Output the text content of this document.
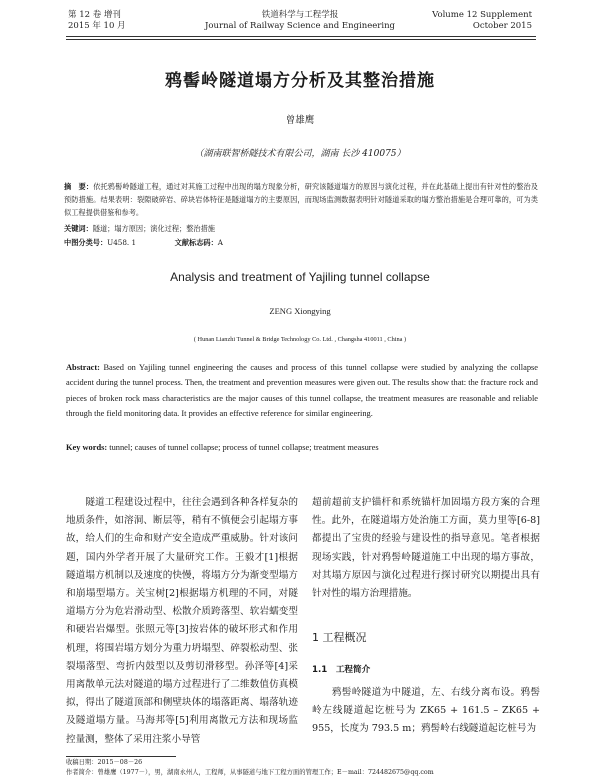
第 12 卷 增刊
2015 年 10 月
铁道科学与工程学报
Journal of Railway Science and Engineering
Volume 12 Supplement
October 2015
鸦髻岭隧道塌方分析及其整治措施
曾雄鹰
（湖南联智桥隧技术有限公司，湖南 长沙 410075）
摘　要：依托鸦髻岭隧道工程，通过对其施工过程中出现的塌方现象分析，研究该隧道塌方的原因与演化过程，并在此基础上提出有针对性的整治及预防措施。结果表明：裂隙破碎岩、碎块岩体特征是隧道塌方的主要原因，而现场监测数据表明针对隧道采取的塌方整治措施是合理可靠的，可为类似工程提供借鉴和参考。
关键词：隧道；塌方原因；演化过程；整治措施
中图分类号：U458. 1	文献标志码：A
Analysis and treatment of Yajiling tunnel collapse
ZENG Xiongying
( Hunan Lianzhi Tunnel & Bridge Technology Co. Ltd. , Changsha 410011 , China )
Abstract: Based on Yajiling tunnel engineering the causes and process of this tunnel collapse were studied by analyzing the collapse accident during the tunnel process. Then, the treatment and prevention measures were given out. The results show that: the fracture rock and pieces of broken rock mass characteristics are the major causes of this tunnel collapse, the treatment measures are reasonable and reliable through the field monitoring data. It provides an effective reference for similar engineering.
Key words: tunnel; causes of tunnel collapse; process of tunnel collapse; treatment measures
　　隧道工程建设过程中，往往会遇到各种各样复杂的地质条件，如溶洞、断层等，稍有不慎便会引起塌方事故，给人们的生命和财产安全造成严重威胁。针对该问题，国内外学者开展了大量研究工作。王毅才[1]根据隧道塌方机制以及速度的快慢，将塌方分为渐变型塌方和崩塌型塌方。关宝树[2]根据塌方机理的不同，对隧道塌方分为危岩滑动型、松散介质跨落型、软岩蠕变型和硬岩岩爆型。张照元等[3]按岩体的破坏形式和作用机理，将围岩塌方划分为重力坍塌型、碎裂松动型、张裂塌落型、弯折内鼓型以及剪切滑移型。孙泽等[4]采用离散单元法对隧道的塌方过程进行了二维数值仿真模拟，得出了隧道顶部和侧壁块体的塌落距离、塌落轨迹及隧道塌方量。马海邦等[5]利用离散元方法和现场监控量测，整体了采用注浆小导管
超前超前支护锚杆和系统锚杆加固塌方段方案的合理性。此外，在隧道塌方处治施工方面，莫力里等[6-8]都提出了宝贵的经验与建设性的指导意见。笔者根据现场实践，针对鸦髻岭隧道施工中出现的塌方事故，对其塌方原因与演化过程进行探讨研究以期提出具有针对性的塌方治理措施。
1 工程概况
1.1　工程简介
　　鸦髻岭隧道为中隧道，左、右线分离布设。鸦髻岭左线隧道起讫桩号为 ZK65 + 161.5 – ZK65 + 955，长度为 793.5 m；鸦髻岭右线隧道起讫桩号为
收稿日期：2015－08－26
作者简介：曾雄鹰（1977－），男，湖南永州人，工程师，从事隧道与地下工程方面的管理工作；E－mail：724482675@qq.com
